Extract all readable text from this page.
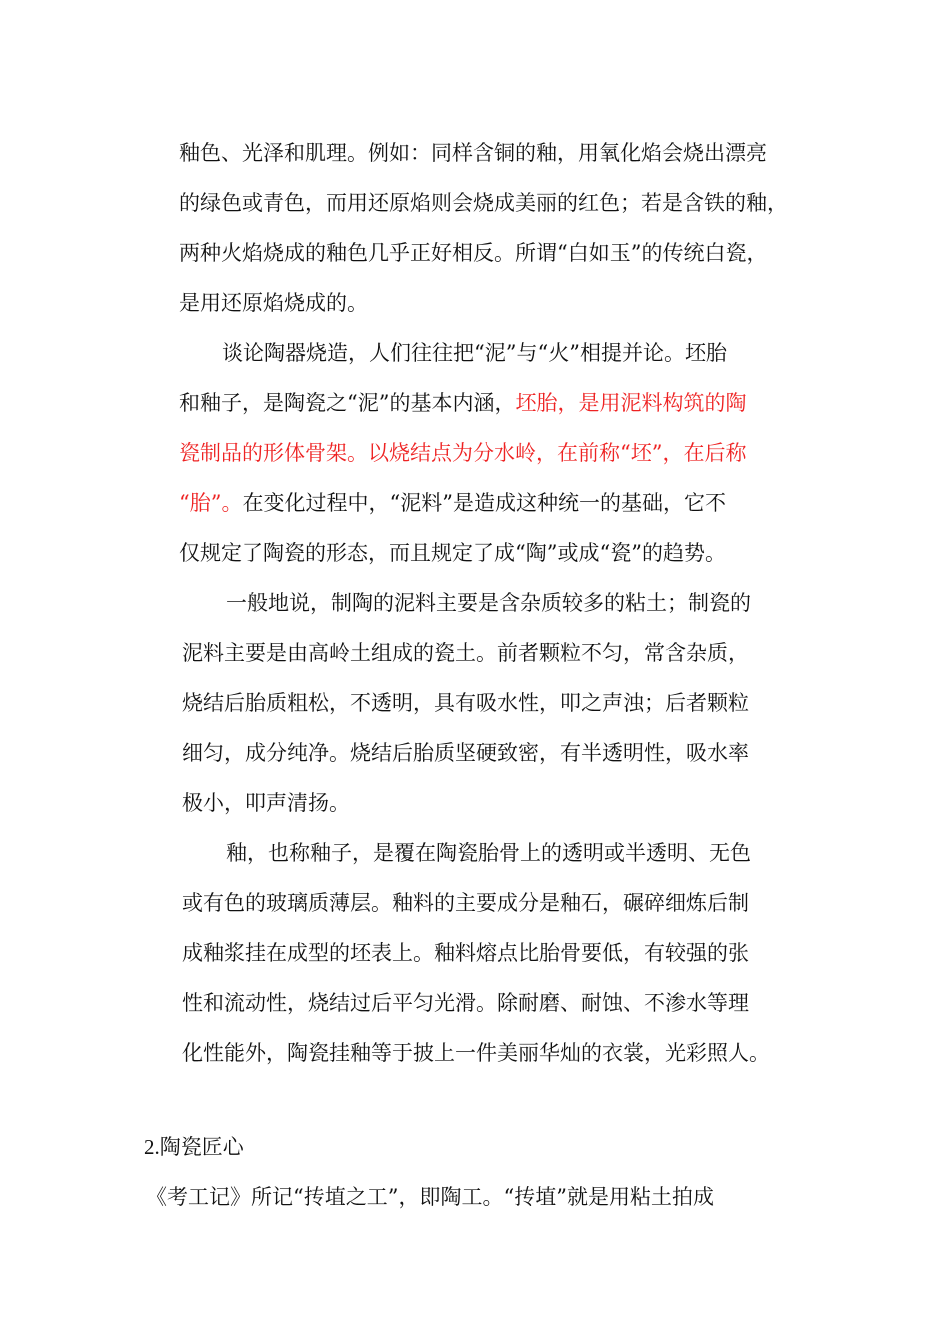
釉色、光泽和肌理。例如：同样含铜的釉，用氧化焰会烧出漂亮
的绿色或青色，而用还原焰则会烧成美丽的红色；若是含铁的釉，
两种火焰烧成的釉色几乎正好相反。所谓“白如玉”的传统白瓷，
是用还原焰烧成的。
谈论陶器烧造，人们往往把“泥”与“火”相提并论。坯胎
和釉子，是陶瓷之“泥”的基本内涵，坯胎，是用泥料构筑的陶
瓷制品的形体骨架。以烧结点为分水岭，在前称“坯”，在后称
“胎”。在变化过程中，“泥料”是造成这种统一的基础，它不
仅规定了陶瓷的形态，而且规定了成“陶”或成“瓷”的趋势。
一般地说，制陶的泥料主要是含杂质较多的粘土；制瓷的
泥料主要是由高岭土组成的瓷土。前者颗粒不匀，常含杂质，
烧结后胎质粗松，不透明，具有吸水性，叩之声浊；后者颗粒
细匀，成分纯净。烧结后胎质坚硬致密，有半透明性，吸水率
极小，叩声清扬。
釉，也称釉子，是覆在陶瓷胎骨上的透明或半透明、无色
或有色的玻璃质薄层。釉料的主要成分是釉石，碾碎细炼后制
成釉浆挂在成型的坯表上。釉料熔点比胎骨要低，有较强的张
性和流动性，烧结过后平匀光滑。除耐磨、耐蚀、不渗水等理
化性能外，陶瓷挂釉等于披上一件美丽华灿的衣裳，光彩照人。
2.陶瓷匠心
《考工记》所记“抟埴之工”，即陶工。“抟埴”就是用粘土拍成
